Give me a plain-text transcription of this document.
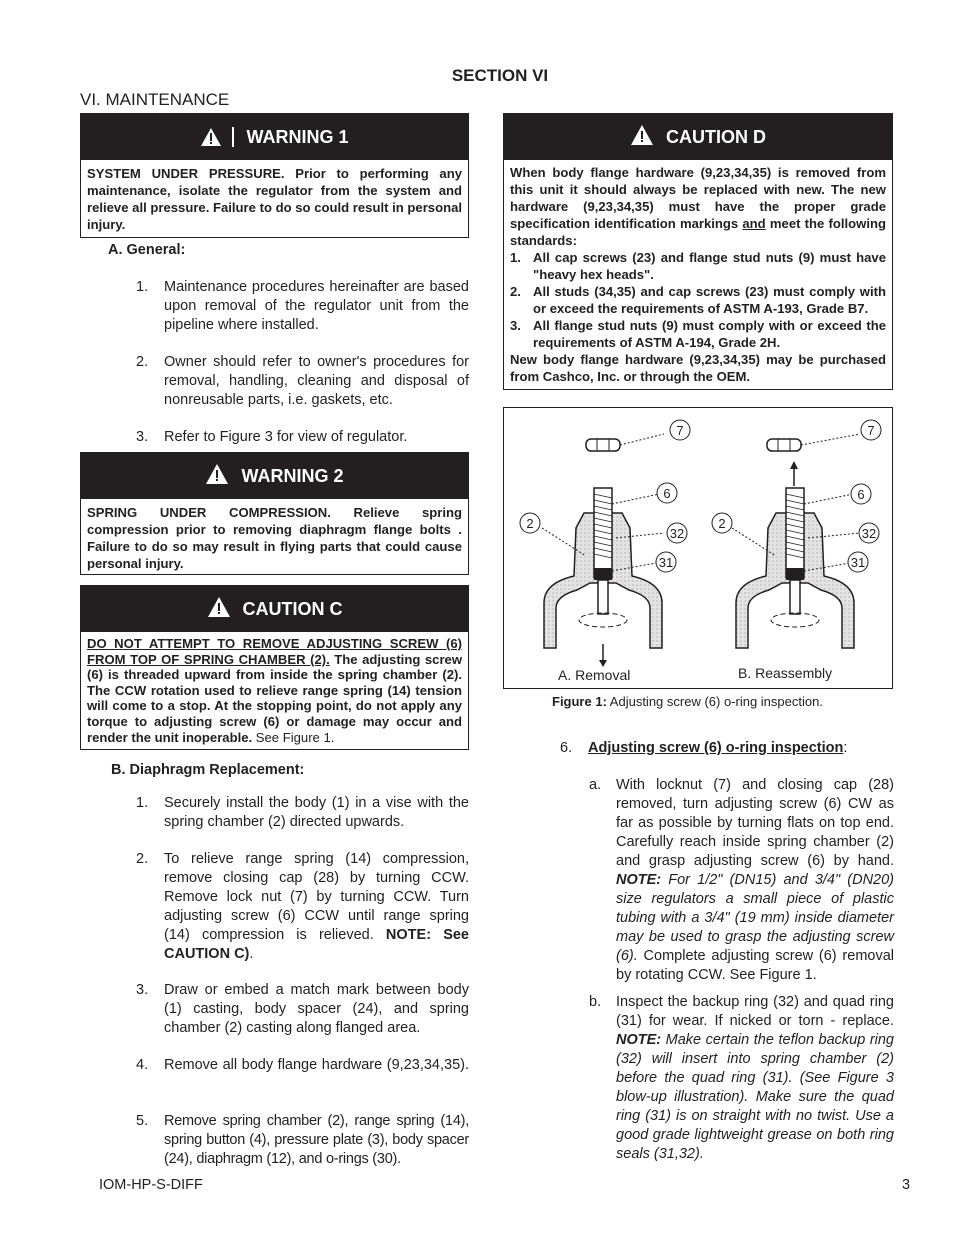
SECTION VI
VI. MAINTENANCE
WARNING 1
SYSTEM UNDER PRESSURE. Prior to performing any maintenance, isolate the regulator from the system and relieve all pressure. Failure to do so could result in personal injury.
A. General:
1. Maintenance procedures hereinafter are based upon removal of the regulator unit from the pipeline where installed.
2. Owner should refer to owner's procedures for removal, handling, cleaning and disposal of nonreusable parts, i.e. gaskets, etc.
3. Refer to Figure 3 for view of regulator.
WARNING 2
SPRING UNDER COMPRESSION. Relieve spring compression prior to removing diaphragm flange bolts . Failure to do so may result in flying parts that could cause personal injury.
CAUTION C
DO NOT ATTEMPT TO REMOVE ADJUSTING SCREW (6) FROM TOP OF SPRING CHAMBER (2). The adjusting screw (6) is threaded upward from inside the spring chamber (2). The CCW rotation used to relieve range spring (14) tension will come to a stop. At the stopping point, do not apply any torque to adjusting screw (6) or damage may occur and render the unit inoperable. See Figure 1.
B. Diaphragm Replacement:
1. Securely install the body (1) in a vise with the spring chamber (2) directed upwards.
2. To relieve range spring (14) compression, remove closing cap (28) by turning CCW. Remove lock nut (7) by turning CCW. Turn adjusting screw (6) CCW until range spring (14) compression is relieved. NOTE: See CAUTION C).
3. Draw or embed a match mark between body (1) casting, body spacer (24), and spring chamber (2) casting along flanged area.
4. Remove all body flange hardware (9,23,34,35).
5. Remove spring chamber (2), range spring (14), spring button (4), pressure plate (3), body spacer (24), diaphragm (12), and o-rings (30).
CAUTION D
When body flange hardware (9,23,34,35) is removed from this unit it should always be replaced with new. The new hardware (9,23,34,35) must have the proper grade specification identification markings and meet the following standards:
1. All cap screws (23) and flange stud nuts (9) must have "heavy hex heads".
2. All studs (34,35) and cap screws (23) must comply with or exceed the requirements of ASTM A-193, Grade B7.
3. All flange stud nuts (9) must comply with or exceed the requirements of ASTM A-194, Grade 2H.
New body flange hardware (9,23,34,35) may be purchased from Cashco, Inc. or through the OEM.
7
6
2
32
31
7
6
2
32
31
A. Removal	B. Reassembly
Figure 1: Adjusting screw (6) o-ring inspection.
6. Adjusting screw (6) o-ring inspection:
a. With locknut (7) and closing cap (28) removed, turn adjusting screw (6) CW as far as possible by turning flats on top end. Carefully reach inside spring chamber (2) and grasp adjusting screw (6) by hand. NOTE: For 1/2" (DN15) and 3/4" (DN20) size regulators a small piece of plastic tubing with a 3/4" (19 mm) inside diameter may be used to grasp the adjusting screw (6). Complete adjusting screw (6) removal by rotating CCW. See Figure 1.
b. Inspect the backup ring (32) and quad ring (31) for wear. If nicked or torn - replace. NOTE: Make certain the teflon backup ring (32) will insert into spring chamber (2) before the quad ring (31). (See Figure 3 blow-up illustration). Make sure the quad ring (31) is on straight with no twist. Use a good grade lightweight grease on both ring seals (31,32).
IOM-HP-S-DIFF	3
